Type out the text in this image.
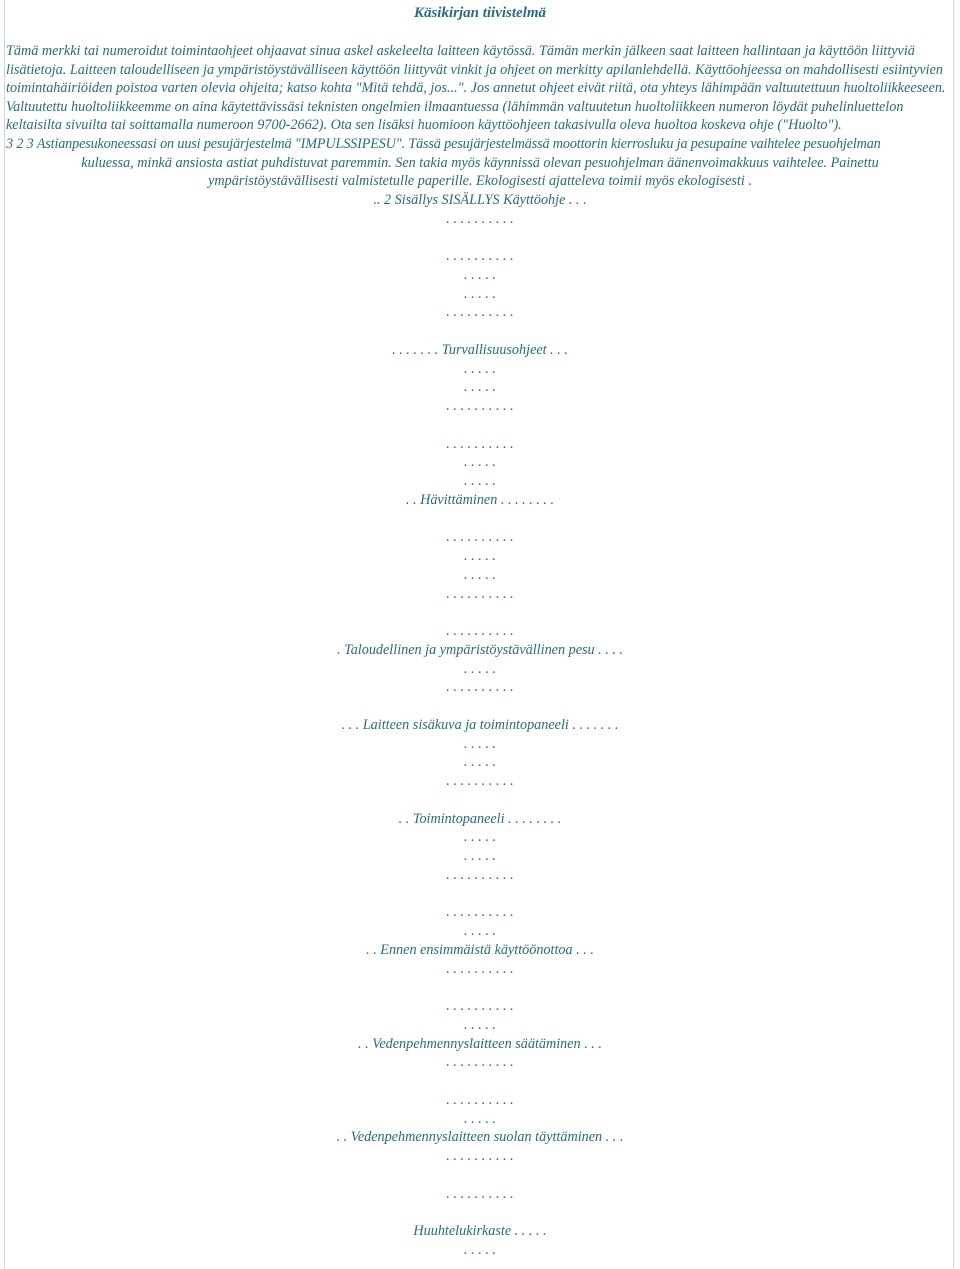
Käsikirjan tiivistelmä
Tämä merkki tai numeroidut toimintaohjeet ohjaavat sinua askel askeleelta laitteen käytössä. Tämän merkin jälkeen saat laitteen hallintaan ja käyttöön liittyviä lisätietoja. Laitteen taloudelliseen ja ympäristöystävälliseen käyttöön liittyvät vinkit ja ohjeet on merkitty apilanlehdellä. Käyttöohjeessa on mahdollisesti esiintyvien toimintahäiriöiden poistoa varten olevia ohjeita; katso kohta "Mitä tehdä, jos...". Jos annetut ohjeet eivät riitä, ota yhteys lähimpään valtuutettuun huoltoliikkeeseen. Valtuutettu huoltoliikkeemme on aina käytettävissäsi teknisten ongelmien ilmaantuessa (lähimmän valtuutetun huoltoliikkeen numeron löydät puhelinluettelon keltaisilta sivuilta tai soittamalla numeroon 9700-2662). Ota sen lisäksi huomioon käyttöohjeen takasivulla oleva huoltoa koskeva ohje ("Huolto").
3 2 3 Astianpesukoneessasi on uusi pesujärjestelmä "IMPULSSIPESU". Tässä pesujärjestelmässä moottorin kierrosluku ja pesupaine vaihtelee pesuohjelman
kuluessa, minkä ansiosta astiat puhdistuvat paremmin. Sen takia myös käynnissä olevan pesuohjelman äänenvoimakkuus vaihtelee. Painettu ympäristöystävällisesti valmistetulle paperille. Ekologisesti ajatteleva toimii myös ekologisesti .
.. 2 Sisällys SISÄLLYS Käyttöohje . . .
. . . . . . . . . .

. . . . . . . . . .
. . . . .
. . . . .
. . . . . . . . . .

. . . . . . . Turvallisuusohjeet . . .
. . . . .
. . . . .
. . . . . . . . . .

. . . . . . . . . .
. . . . .
. . . . .
. . Hävittäminen . . . . . . . .

. . . . . . . . . .
. . . . .
. . . . .
. . . . . . . . . .

. . . . . . . . . .
. Taloudellinen ja ympäristöystävällinen pesu . . . .
. . . . .
. . . . . . . . . .

. . . Laitteen sisäkuva ja toimintopaneeli . . . . . . .
. . . . .
. . . . .
. . . . . . . . . .

. . Toimintopaneeli . . . . . . . .
. . . . .
. . . . .
. . . . . . . . . .

. . . . . . . . . .
. . . . .
. . Ennen ensimmäistä käyttöönottoa . . .
. . . . . . . . . .

. . . . . . . . . .
. . . . .
. . Vedenpehmennyslaitteen säätäminen . . .
. . . . . . . . . .

. . . . . . . . . .
. . . . .
. . Vedenpehmennyslaitteen suolan täyttäminen . . .
. . . . . . . . . .

. . . . . . . . . .

Huuhtelukirkaste . . . . .
. . . . .
